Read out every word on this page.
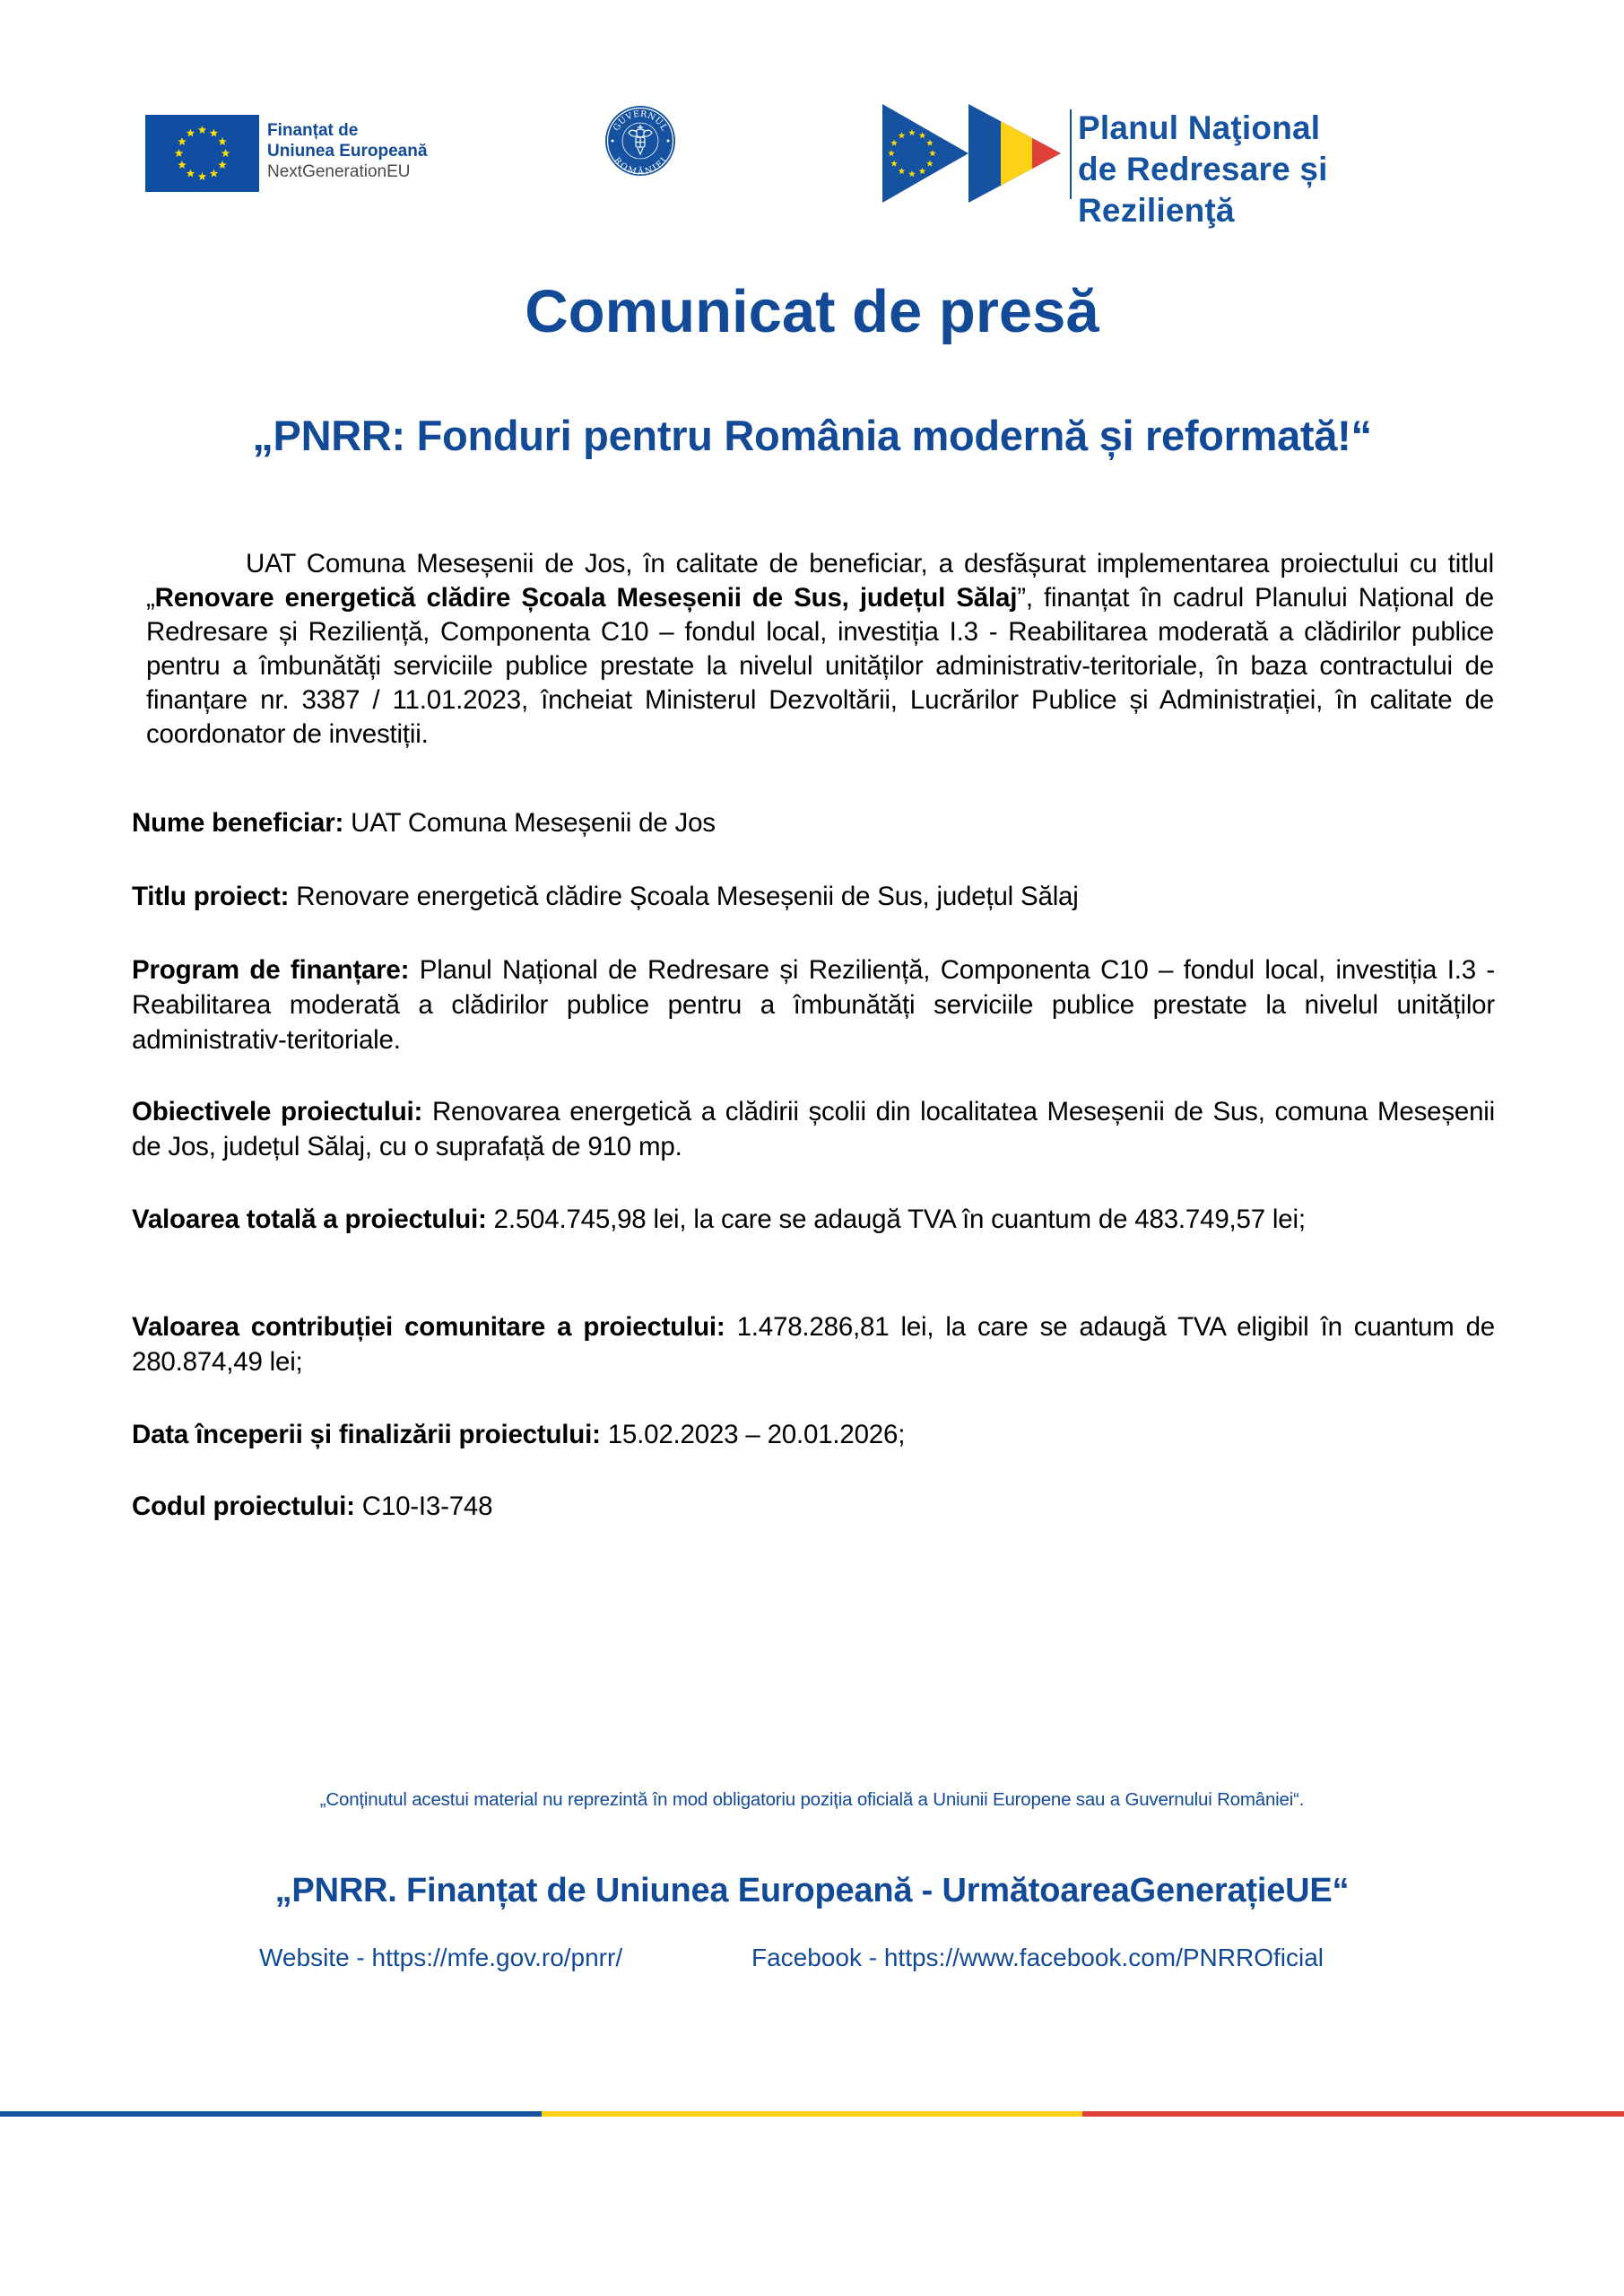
Finanțat de
Uniunea Europeană
NextGenerationEU
GUVERNUL
ROMÂNIEI
Planul Naţional
de Redresare și Rezilienţă
Comunicat de presă
„PNRR: Fonduri pentru România modernă și reformată!“

UAT Comuna Meseșenii de Jos, în calitate de beneficiar, a desfășurat implementarea proiectului cu titlul „Renovare energetică clădire Școala Meseșenii de Sus, județul Sălaj”, finanțat în cadrul Planului Național de Redresare și Reziliență, Componenta C10 – fondul local, investiția I.3 - Reabilitarea moderată a clădirilor publice pentru a îmbunătăți serviciile publice prestate la nivelul unităților administrativ-teritoriale, în baza contractului de finanțare nr. 3387 / 11.01.2023, încheiat Ministerul Dezvoltării, Lucrărilor Publice și Administrației, în calitate de coordonator de investiții.

Nume beneficiar: UAT Comuna Meseșenii de Jos

Titlu proiect: Renovare energetică clădire Școala Meseșenii de Sus, județul Sălaj

Program de finanțare: Planul Național de Redresare și Reziliență, Componenta C10 – fondul local, investiția I.3 - Reabilitarea moderată a clădirilor publice pentru a îmbunătăți serviciile publice prestate la nivelul unităților administrativ-teritoriale.

Obiectivele proiectului: Renovarea energetică a clădirii școlii din localitatea Meseșenii de Sus, comuna Meseșenii de Jos, județul Sălaj, cu o suprafață de 910 mp.

Valoarea totală a proiectului: 2.504.745,98 lei, la care se adaugă TVA în cuantum de 483.749,57 lei;

Valoarea contribuției comunitare a proiectului: 1.478.286,81 lei, la care se adaugă TVA eligibil în cuantum de 280.874,49 lei;

Data începerii și finalizării proiectului: 15.02.2023 – 20.01.2026;

Codul proiectului: C10-I3-748

„Conținutul acestui material nu reprezintă în mod obligatoriu poziția oficială a Uniunii Europene sau a Guvernului României“.

„PNRR. Finanțat de Uniunea Europeană - UrmătoareaGenerațieUE“

Website - https://mfe.gov.ro/pnrr/	Facebook - https://www.facebook.com/PNRROficial
